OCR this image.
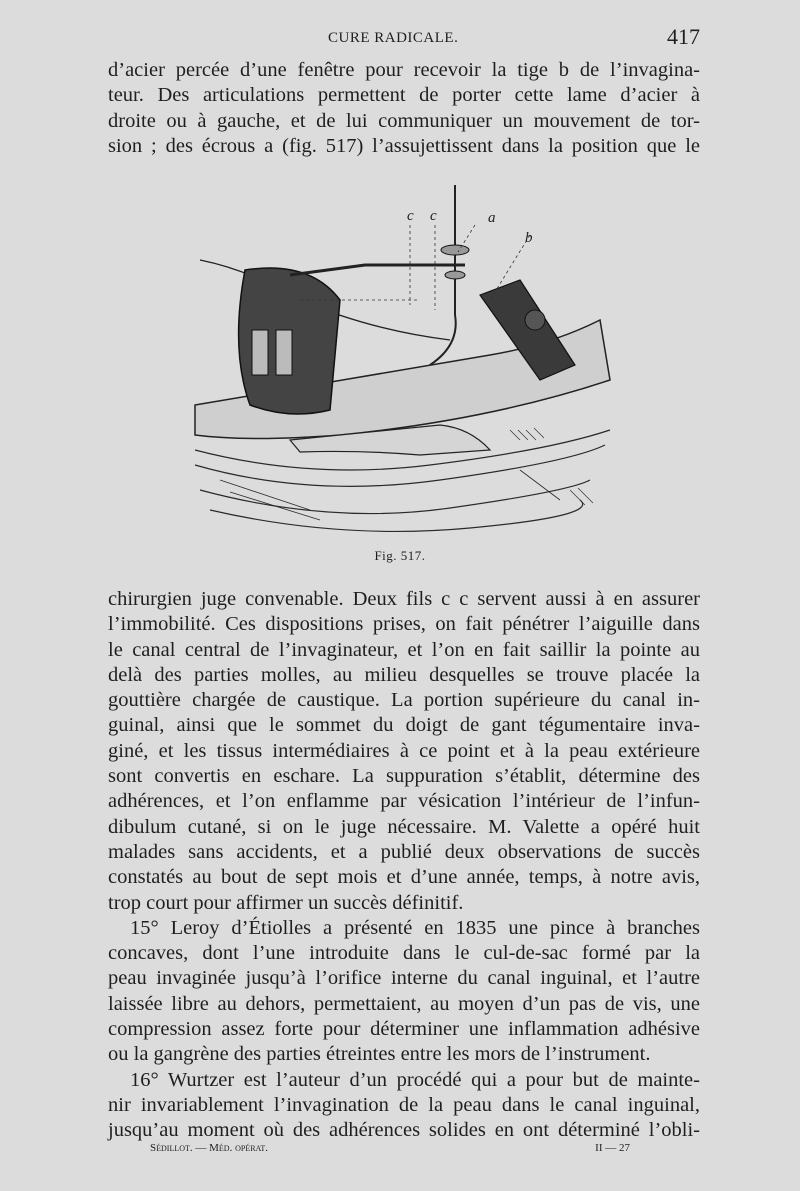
CURE RADICALE.	417
d’acier percée d’une fenêtre pour recevoir la tige b de l’invagina-
teur. Des articulations permettent de porter cette lame d’acier à
droite ou à gauche, et de lui communiquer un mouvement de tor-
sion ; des écrous a (fig. 517) l’assujettissent dans la position que le
c c	a
b
Fig. 517.
chirurgien juge convenable. Deux fils c c servent aussi à en assurer
l’immobilité. Ces dispositions prises, on fait pénétrer l’aiguille dans
le canal central de l’invaginateur, et l’on en fait saillir la pointe au
delà des parties molles, au milieu desquelles se trouve placée la
gouttière chargée de caustique. La portion supérieure du canal in-
guinal, ainsi que le sommet du doigt de gant tégumentaire inva-
giné, et les tissus intermédiaires à ce point et à la peau extérieure
sont convertis en eschare. La suppuration s’établit, détermine des
adhérences, et l’on enflamme par vésication l’intérieur de l’infun-
dibulum cutané, si on le juge nécessaire. M. Valette a opéré huit
malades sans accidents, et a publié deux observations de succès
constatés au bout de sept mois et d’une année, temps, à notre avis,
trop court pour affirmer un succès définitif.
15° Leroy d’Étiolles a présenté en 1835 une pince à branches
concaves, dont l’une introduite dans le cul-de-sac formé par la
peau invaginée jusqu’à l’orifice interne du canal inguinal, et l’autre
laissée libre au dehors, permettaient, au moyen d’un pas de vis, une
compression assez forte pour déterminer une inflammation adhésive
ou la gangrène des parties étreintes entre les mors de l’instrument.
16° Wurtzer est l’auteur d’un procédé qui a pour but de mainte-
nir invariablement l’invagination de la peau dans le canal inguinal,
jusqu’au moment où des adhérences solides en ont déterminé l’obli-
Sédillot. — Méd. opérat.	II — 27
